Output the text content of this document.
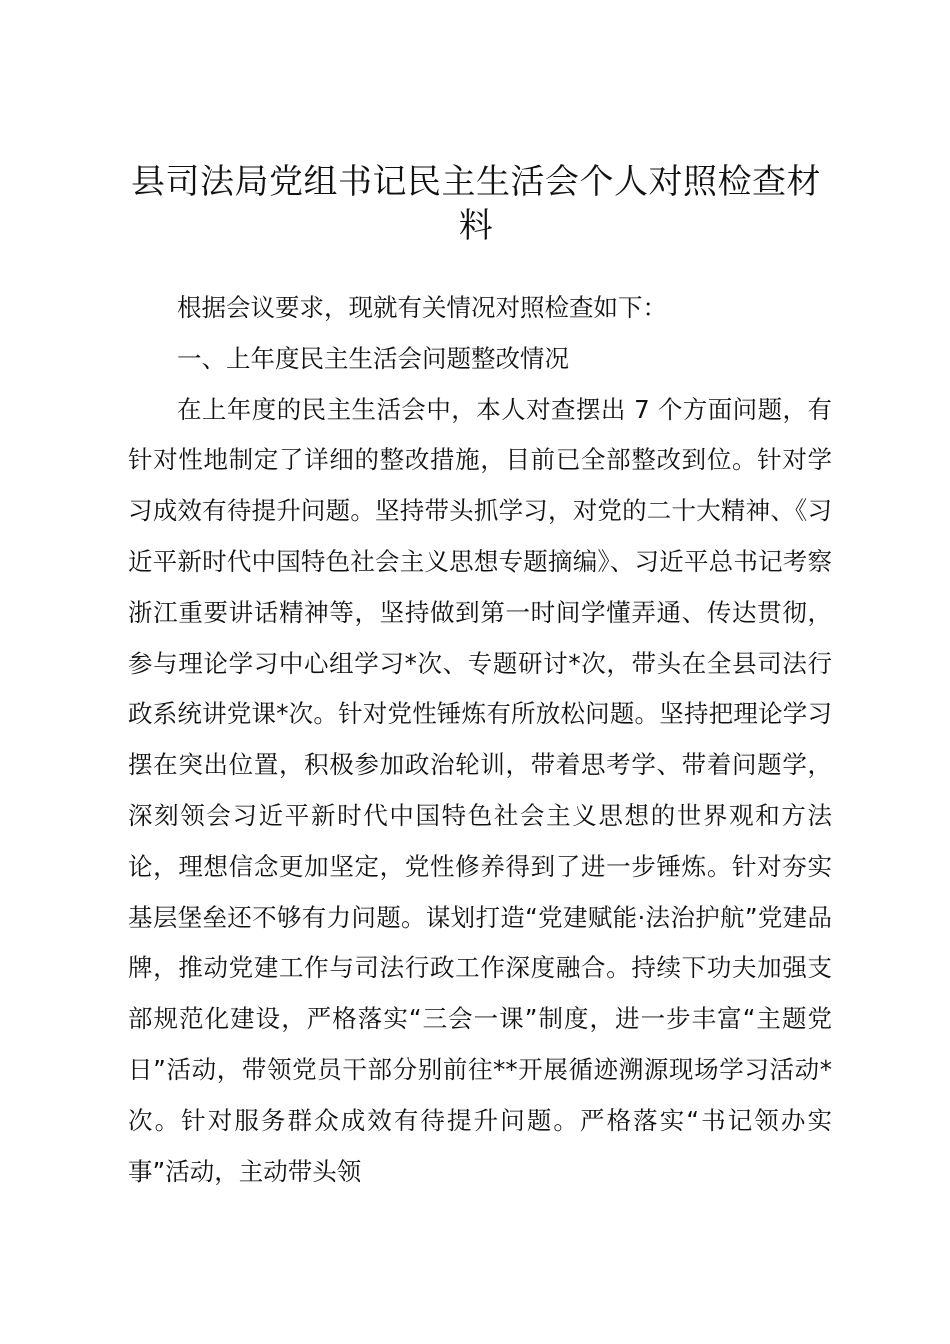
县司法局党组书记民主生活会个人对照检查材料

根据会议要求，现就有关情况对照检查如下：

一、上年度民主生活会问题整改情况

在上年度的民主生活会中，本人对查摆出 7 个方面问题，有针对性地制定了详细的整改措施，目前已全部整改到位。针对学习成效有待提升问题。坚持带头抓学习，对党的二十大精神、《习近平新时代中国特色社会主义思想专题摘编》、习近平总书记考察浙江重要讲话精神等，坚持做到第一时间学懂弄通、传达贯彻，参与理论学习中心组学习*次、专题研讨*次，带头在全县司法行政系统讲党课*次。针对党性锤炼有所放松问题。坚持把理论学习摆在突出位置，积极参加政治轮训，带着思考学、带着问题学，深刻领会习近平新时代中国特色社会主义思想的世界观和方法论，理想信念更加坚定，党性修养得到了进一步锤炼。针对夯实基层堡垒还不够有力问题。谋划打造“党建赋能·法治护航”党建品牌，推动党建工作与司法行政工作深度融合。持续下功夫加强支部规范化建设，严格落实“三会一课”制度，进一步丰富“主题党日”活动，带领党员干部分别前往**开展循迹溯源现场学习活动*次。针对服务群众成效有待提升问题。严格落实“书记领办实事”活动，主动带头领
